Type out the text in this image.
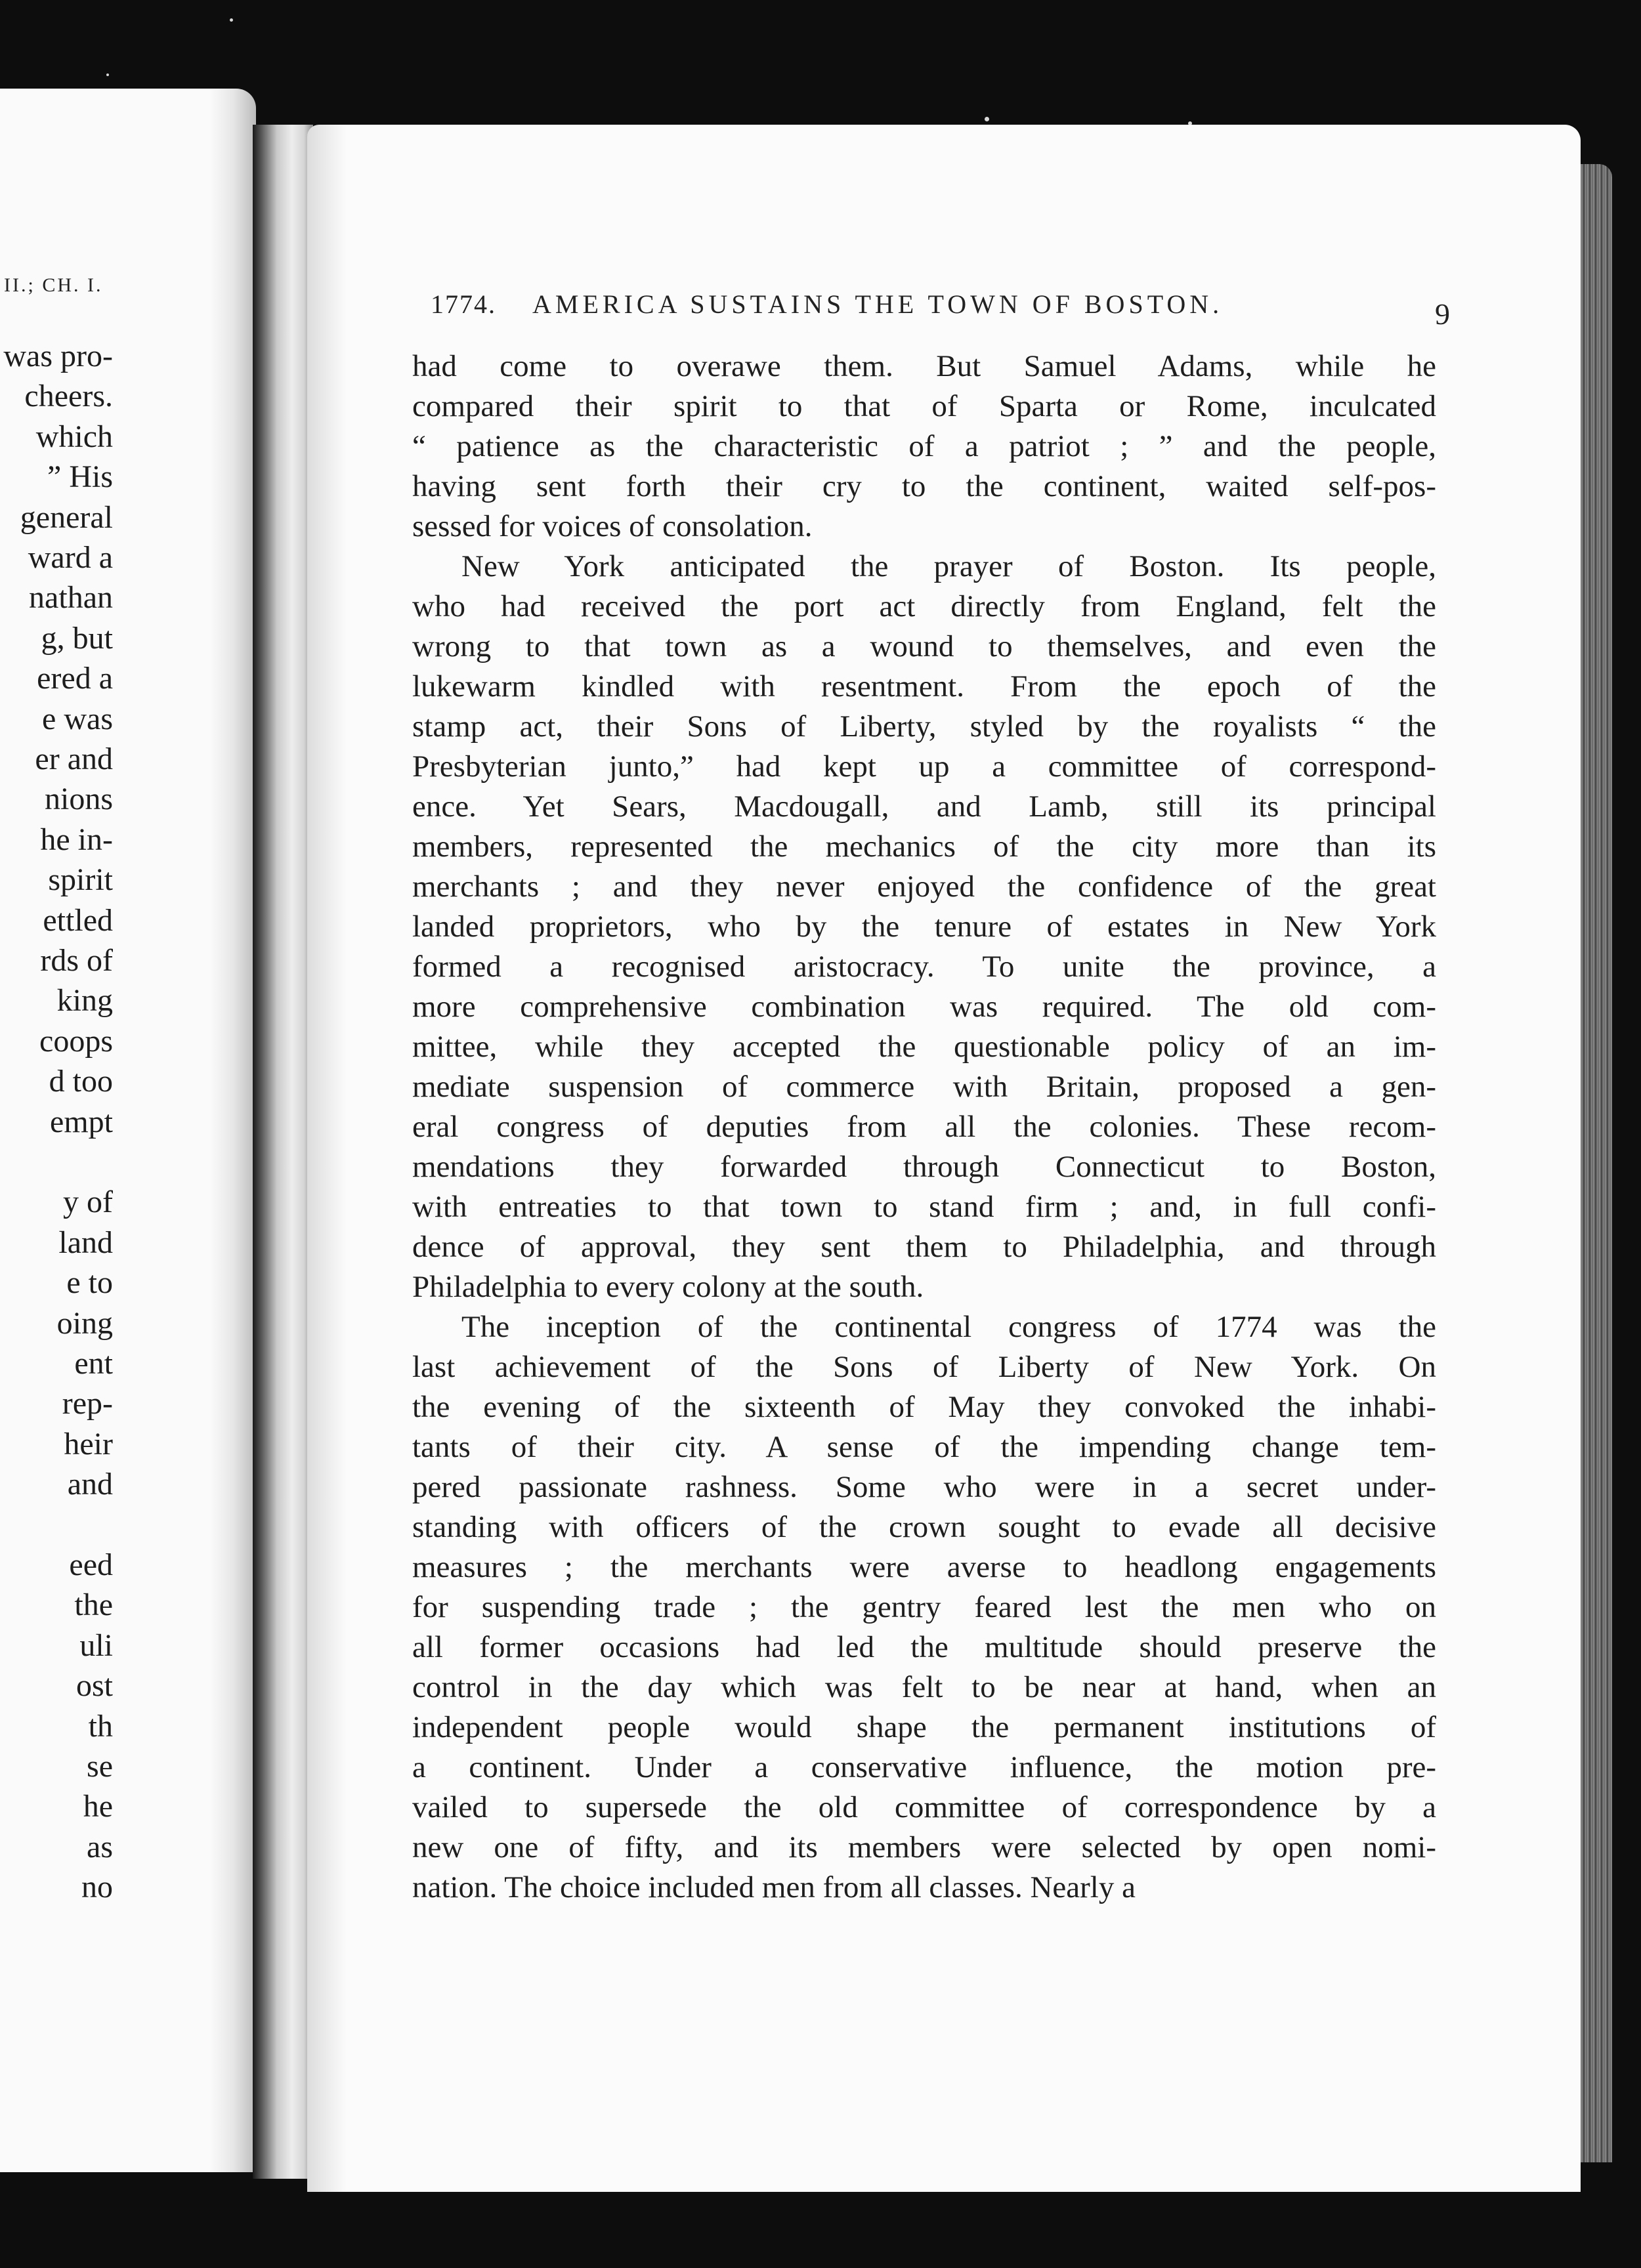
II.; CH. I.
was pro-
cheers.
which
” His
general
ward a
nathan
g, but
ered a
e was
er and
nions
he in-
spirit
ettled
rds of
king
coops
d too
empt
y of
land
e to
oing
ent
rep-
heir
and
eed
the
uli
ost
th
se
he
as
no
1774. AMERICA SUSTAINS THE TOWN OF BOSTON.	9
had come to overawe them. But Samuel Adams, while he
compared their spirit to that of Sparta or Rome, inculcated
“ patience as the characteristic of a patriot ; ” and the people,
having sent forth their cry to the continent, waited self-pos-
sessed for voices of consolation.
New York anticipated the prayer of Boston. Its people,
who had received the port act directly from England, felt the
wrong to that town as a wound to themselves, and even the
lukewarm kindled with resentment. From the epoch of the
stamp act, their Sons of Liberty, styled by the royalists “ the
Presbyterian junto,” had kept up a committee of correspond-
ence. Yet Sears, Macdougall, and Lamb, still its principal
members, represented the mechanics of the city more than its
merchants ; and they never enjoyed the confidence of the great
landed proprietors, who by the tenure of estates in New York
formed a recognised aristocracy. To unite the province, a
more comprehensive combination was required. The old com-
mittee, while they accepted the questionable policy of an im-
mediate suspension of commerce with Britain, proposed a gen-
eral congress of deputies from all the colonies. These recom-
mendations they forwarded through Connecticut to Boston,
with entreaties to that town to stand firm ; and, in full confi-
dence of approval, they sent them to Philadelphia, and through
Philadelphia to every colony at the south.
The inception of the continental congress of 1774 was the
last achievement of the Sons of Liberty of New York. On
the evening of the sixteenth of May they convoked the inhabi-
tants of their city. A sense of the impending change tem-
pered passionate rashness. Some who were in a secret under-
standing with officers of the crown sought to evade all decisive
measures ; the merchants were averse to headlong engagements
for suspending trade ; the gentry feared lest the men who on
all former occasions had led the multitude should preserve the
control in the day which was felt to be near at hand, when an
independent people would shape the permanent institutions of
a continent. Under a conservative influence, the motion pre-
vailed to supersede the old committee of correspondence by a
new one of fifty, and its members were selected by open nomi-
nation. The choice included men from all classes. Nearly a
